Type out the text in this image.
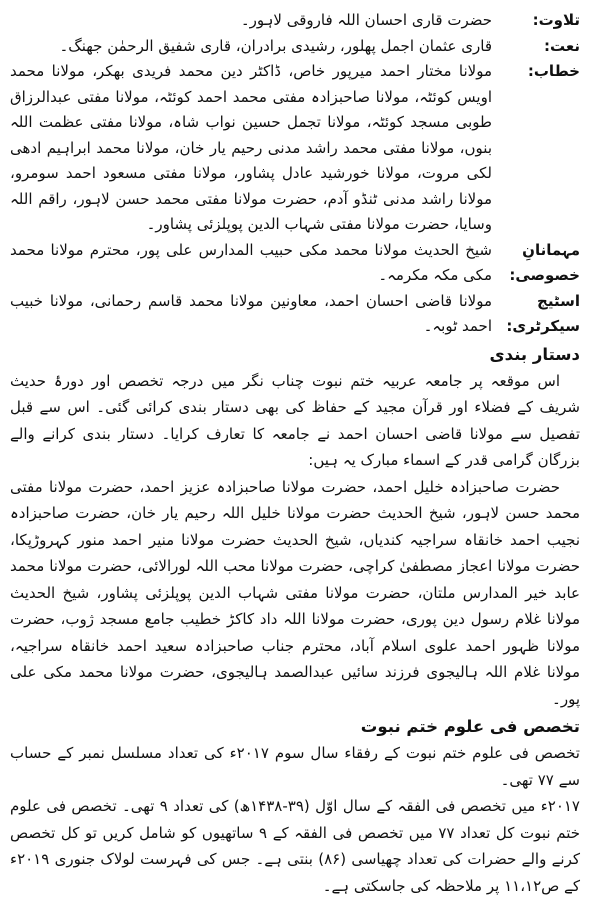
تلاوت:
حضرت قاری احسان اللہ فاروقی لاہور۔
نعت:
قاری عثمان اجمل پھلور، رشیدی برادران، قاری شفیق الرحمٰن جھنگ۔
خطاب:
مولانا مختار احمد میرپور خاص، ڈاکٹر دین محمد فریدی بھکر، مولانا محمد اویس کوئٹہ، مولانا صاحبزادہ مفتی محمد احمد کوئٹہ، مولانا مفتی عبدالرزاق طوبی مسجد کوئٹہ، مولانا تجمل حسین نواب شاہ، مولانا مفتی عظمت اللہ بنوں، مولانا مفتی محمد راشد مدنی رحیم یار خان، مولانا محمد ابراہیم ادھی لکی مروت، مولانا خورشید عادل پشاور، مولانا مفتی مسعود احمد سومرو، مولانا راشد مدنی ٹنڈو آدم، حضرت مولانا مفتی محمد حسن لاہور، راقم اللہ وسایا، حضرت مولانا مفتی شہاب الدین پوپلزئی پشاور۔
مہمانانِ خصوصی:
شیخ الحدیث مولانا محمد مکی حبیب المدارس علی پور، محترم مولانا محمد مکی مکہ مکرمہ۔
اسٹیج سیکرٹری:
مولانا قاضی احسان احمد، معاونین مولانا محمد قاسم رحمانی، مولانا خبیب احمد ٹوبہ۔
دستار بندی
اس موقعہ پر جامعہ عربیہ ختم نبوت چناب نگر میں درجہ تخصص اور دورۂ حدیث شریف کے فضلاء اور قرآن مجید کے حفاظ کی بھی دستار بندی کرائی گئی۔ اس سے قبل تفصیل سے مولانا قاضی احسان احمد نے جامعہ کا تعارف کرایا۔ دستار بندی کرانے والے بزرگان گرامی قدر کے اسماء مبارک یہ ہیں:
حضرت صاحبزادہ خلیل احمد، حضرت مولانا صاحبزادہ عزیز احمد، حضرت مولانا مفتی محمد حسن لاہور، شیخ الحدیث حضرت مولانا خلیل اللہ رحیم یار خان، حضرت صاحبزادہ نجیب احمد خانقاہ سراجیہ کندیاں، شیخ الحدیث حضرت مولانا منیر احمد منور کہروڑپکا، حضرت مولانا اعجاز مصطفیٰ کراچی، حضرت مولانا محب اللہ لورالائی، حضرت مولانا محمد عابد خیر المدارس ملتان، حضرت مولانا مفتی شہاب الدین پوپلزئی پشاور، شیخ الحدیث مولانا غلام رسول دین پوری، حضرت مولانا اللہ داد کاکڑ خطیب جامع مسجد ژوب، حضرت مولانا ظہور احمد علوی اسلام آباد، محترم جناب صاحبزادہ سعید احمد خانقاہ سراجیہ، مولانا غلام اللہ ہالیجوی فرزند سائیں عبدالصمد ہالیجوی، حضرت مولانا محمد مکی علی پور۔
تخصص فی علوم ختم نبوت
تخصص فی علوم ختم نبوت کے رفقاء سال سوم ۲۰۱۷ء کی تعداد مسلسل نمبر کے حساب سے ۷۷ تھی۔
۲۰۱۷ء میں تخصص فی الفقہ کے سال اوّل (۳۹-۱۴۳۸ھ) کی تعداد ۹ تھی۔ تخصص فی علوم ختم نبوت کل تعداد ۷۷ میں تخصص فی الفقہ کے ۹ ساتھیوں کو شامل کریں تو کل تخصص کرنے والے حضرات کی تعداد چھیاسی (۸۶) بنتی ہے۔ جس کی فہرست لولاک جنوری ۲۰۱۹ء کے ص۱۱،۱۲ پر ملاحظہ کی جاسکتی ہے۔
